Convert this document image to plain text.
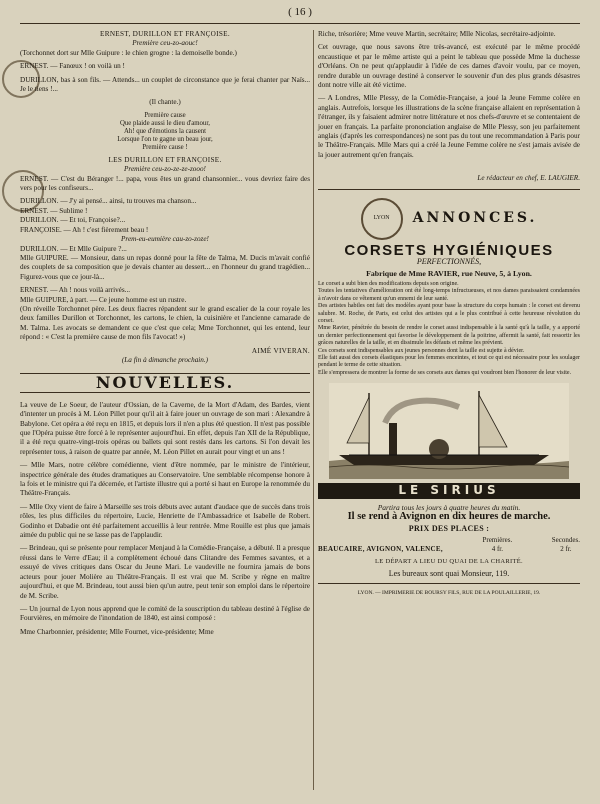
( 16 )
ERNEST, DURILLON ET FRANÇOISE.
Première ceu-zo-aouc!

(Torchonnet dort sur Mlle Guipure : le chien grogne : la demoiselle bonde.)

ERNEST. — Fanœux ! on voilà un !

DURILLON, bas à son fils. — Attends... un couplet de circonstance que je ferai chanter par Naïs... Je le tiens !...

(Il chante.)
Première cause
Que plaide aussi le dieu d'amour,
Ah! que d'émotions la causent
Lorsque l'on te gagne un beau jour,
Première cause !
LES DURILLON ET FRANÇOISE.
Première ceu-zo-ze-ze-zooo!

ERNEST. — C'est du Béranger !... papa, vous êtes un grand chansonnier... vous devriez faire des vers pour les confiseurs...

DURILLON. — J'y ai pensé... ainsi, tu trouves ma chanson...

ERNEST. — Sublime !

DURILLON. — Et toi, Françoise?...

FRANÇOISE. — Ah ! c'est fièrement beau !

Prem-eu-eumière cau-zo-zoze!

DURILLON. — Et Mlle Guipure ?...

Mlle GUIPURE. — Monsieur, dans un repas donné pour la fête de Talma, M. Ducis m'avait confié des couplets de sa composition que je devais chanter au dessert... en l'honneur du grand tragédien... Figurez-vous que ce jour-là...

ERNEST. — Ah ! nous voilà arrivés...

Mlle GUIPURE, à part. — Ce jeune homme est un rustre.

(On réveille Torchonnet père. Les deux fiacres répandent sur le grand escalier de la cour royale les deux familles Durillon et Torchonnet, les cartons, le chien, la cuisinière et l'ancienne camarade de M. Talma. Les avocats se demandent ce que c'est que cela; Mme Torchonnet, qui les entend, leur répond : « C'est la première cause de mon fils l'avocat! »)

AIMÉ VIVERAN.
(La fin à dimanche prochain.)
NOUVELLES.

La veuve de Le Soeur, de l'auteur d'Ossian, de la Caverne, de la Mort d'Adam, des Bardes, vient d'intenter un procès à M. Léon Pillet pour qu'il ait à faire jouer un ouvrage de son mari : Alexandre à Babylone. Cet opéra a été reçu en 1815, et depuis lors il n'en a plus été question. Il n'est pas possible que l'Opéra puisse être forcé à le représenter aujourd'hui. En effet, depuis l'an XII de la République, il a été reçu quatre-vingt-trois opéras ou ballets qui sont restés dans les cartons. Si l'on devait les représenter tous, à raison de quatre par année, M. Léon Pillet en aurait pour vingt et un ans !

— Mlle Mars, notre célèbre comédienne, vient d'être nommée, par le ministre de l'intérieur, inspectrice générale des études dramatiques au Conservatoire. Une semblable récompense honore à la fois et le ministre qui l'a décernée, et l'artiste illustre qui a porté si haut en Europe la renommée du Théâtre-Français.

— Mlle Oxy vient de faire à Marseille ses trois débuts avec autant d'audace que de succès dans trois rôles, les plus difficiles du répertoire, Lucie, Henriette de l'Ambassadrice et Isabelle de Robert. Godinho et Dabadie ont été parfaitement accueillis à leur rentrée. Mme Rouille est plus que jamais aimée du public qui ne se lasse pas de l'applaudir.

— Brindeau, qui se présente pour remplacer Menjaud à la Comédie-Française, a débuté. Il a presque réussi dans le Verre d'Eau; il a complètement échoué dans Clitandre des Femmes savantes, et a essuyé de vives critiques dans Oscar du Jeune Mari. Le vaudeville ne fournira jamais de bons acteurs pour jouer Molière au Théâtre-Français. Il est vrai que M. Scribe y règne en maître aujourd'hui, et que M. Brindeau, tout aussi bien qu'un autre, peut tenir son emploi dans le répertoire de M. Scribe.

— Un journal de Lyon nous apprend que le comité de la souscription du tableau destiné à l'église de Fourvières, en mémoire de l'inondation de 1840, est ainsi composé :

Mme Charbonnier, présidente; Mlle Fournet, vice-présidente; Mme

Riche, trésorière; Mme veuve Martin, secrétaire; Mlle Nicolas, secrétaire-adjointe.

Cet ouvrage, que nous savons être très-avancé, est exécuté par le même procédé encaustique et par le même artiste qui a peint le tableau que possède Mme la duchesse d'Orléans. On ne peut qu'applaudir à l'idée de ces dames d'avoir voulu, par ce moyen, rendre durable un ouvrage destiné à conserver le souvenir d'un des plus grands désastres dont notre ville ait été victime.

— A Londres, Mlle Plessy, de la Comédie-Française, a joué la Jeune Femme colère en anglais. Autrefois, lorsque les illustrations de la scène française allaient en représentation à l'étranger, ils y faisaient admirer notre littérature et nos chefs-d'œuvre et se contentaient de jouer en français. La parfaite prononciation anglaise de Mlle Plessy, son jeu parfaitement anglais (d'après les correspondances) ne sont pas du tout une recommandation à Paris pour le Théâtre-Français. Mlle Mars qui a créé la Jeune Femme colère ne s'est jamais avisée de la jouer autrement qu'en français.

Le rédacteur en chef, E. LAUGIER.
LYON	ANNONCES.
CORSETS HYGIÉNIQUES
PERFECTIONNÉS,
Fabrique de Mme RAVIER, rue Neuve, 5, à Lyon.

Le corset a subi bien des modifications depuis son origine.

Toutes les tentatives d'amélioration ont été long-temps infructueuses, et nos dames paraissaient condamnées à n'avoir dans ce vêtement qu'un ennemi de leur santé.

Des artistes habiles ont fait des modèles ayant pour base la structure du corps humain : le corset est devenu salubre. M. Roche, de Paris, est celui des artistes qui a le plus contribué à cette heureuse révolution du corset.

Mme Ravier, pénétrée du besoin de rendre le corset aussi indispensable à la santé qu'à la taille, y a apporté un dernier perfectionnement qui favorise le développement de la poitrine, affermit la santé, fait ressortir les grâces naturelles de la taille, et en dissimule les défauts et même les prévient.

Ces corsets sont indispensables aux jeunes personnes dont la taille est sujette à dévier.

Elle fait aussi des corsets élastiques pour les femmes enceintes, et tout ce qui est nécessaire pour les soulager pendant le terme de cette situation.

Elle s'empressera de montrer la forme de ses corsets aux dames qui voudront bien l'honorer de leur visite.

LE SIRIUS
Partira tous les jours à quatre heures du matin.
Il se rend à Avignon en dix heures de marche.
PRIX DES PLACES :
BEAUCAIRE, AVIGNON, VALENCE,
Premières.
4 fr.
Secondes.
2 fr.
LE DÉPART A LIEU DU QUAI DE LA CHARITÉ.
Les bureaux sont quai Monsieur, 119.
LYON. — IMPRIMERIE DE BOURSY FILS, RUE DE LA POULAILLERIE, 19.
